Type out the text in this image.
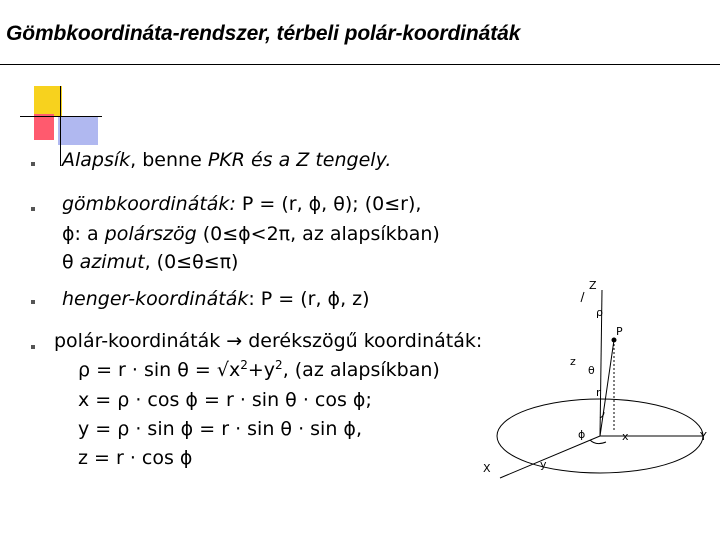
Gömbkoordináta-rendszer, térbeli polár-koordináták
Alapsík, benne PKR és a Z tengely.
gömbkoordináták: P = (r, ϕ, θ); (0≤r),
ϕ: a polárszög (0≤ϕ<2π, az alapsíkban)
θ azimut, (0≤θ≤π)
henger-koordináták: P = (r, ϕ, z)
polár-koordináták → derékszögű koordináták:
$\rho = r \cdot \sin \theta = √x^2+y^2$, (az alapsíkban)
x = ρ · cos ϕ = r · sin θ · cos ϕ;
y = ρ · sin ϕ = r · sin θ · sin ϕ,
z = r · cos ϕ
Z
ρ
P
z
θ
r
ϕ	x	Y
X	y
